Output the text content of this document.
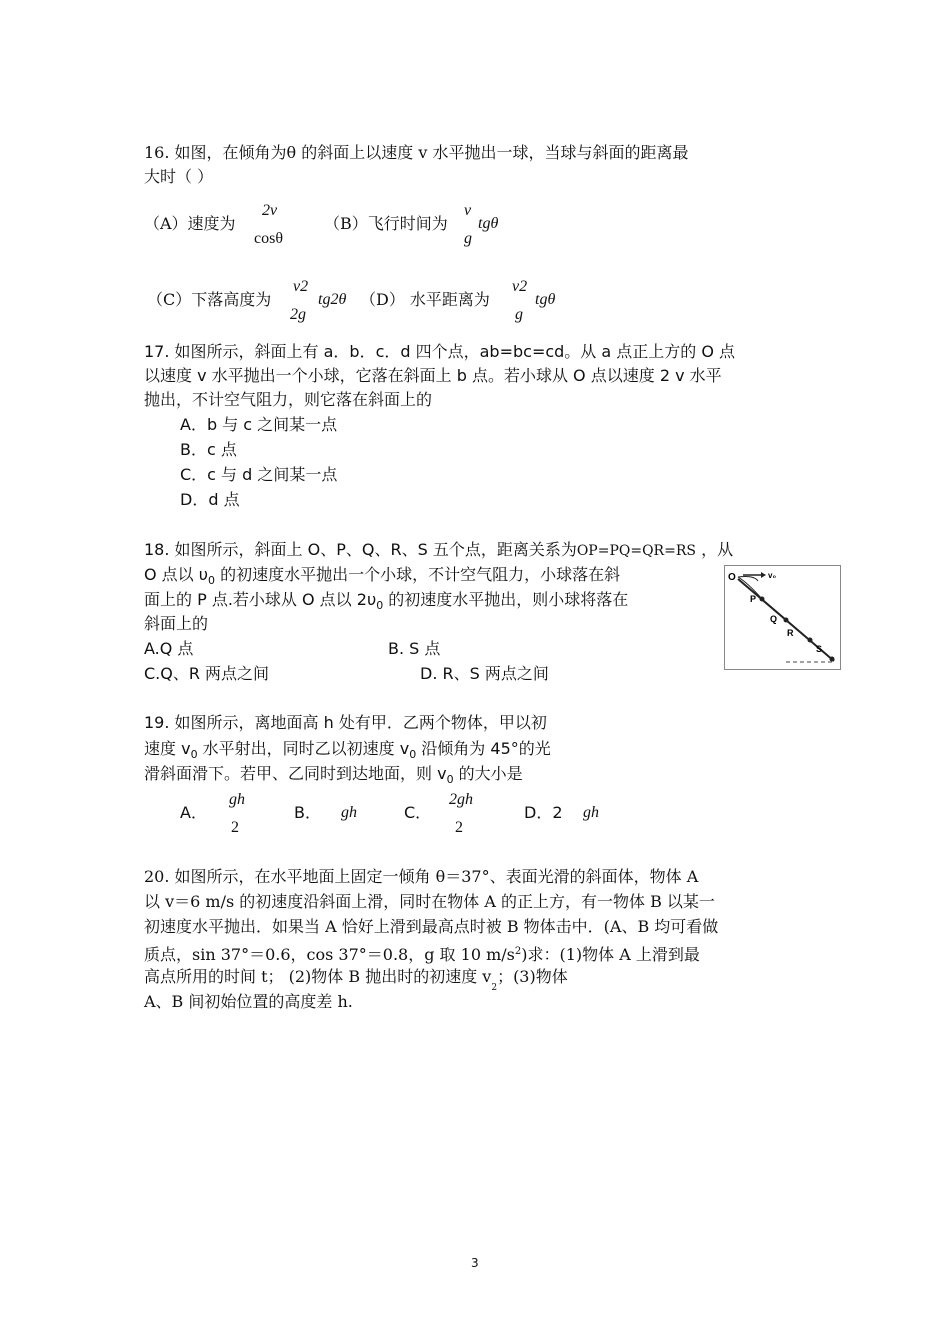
16. 如图，在倾角为θ 的斜面上以速度 v 水平抛出一球，当球与斜面的距离最
大时（ ）
（A）速度为
2v
cosθ
（B）飞行时间为
v
g
tgθ
（C）下落高度为
v2
2g
tg2θ （D） 水平距离为
v2
g
tgθ
17. 如图所示，斜面上有 a．b．c．d 四个点，ab=bc=cd。从 a 点正上方的 O 点
以速度 v 水平抛出一个小球，它落在斜面上 b 点。若小球从 O 点以速度 2 v 水平
抛出，不计空气阻力，则它落在斜面上的
A．b 与 c 之间某一点
B．c 点
C．c 与 d 之间某一点
D．d 点
18. 如图所示，斜面上 O、P、Q、R、S 五个点，距离关系为OP=PQ=QR=RS ，从
O 点以 $\upsilon_0$ 的初速度水平抛出一个小球，不计空气阻力，小球落在斜
面上的 P 点.若小球从 O 点以 $2\upsilon_0$ 的初速度水平抛出，则小球将落在
斜面上的
A.Q 点	B. S 点
C.Q、R 两点之间	D. R、S 两点之间
O	v₀
P
Q
R
S
19. 如图所示，离地面高 h 处有甲．乙两个物体，甲以初
速度 $v_0$ 水平射出，同时乙以初速度 $v_0$ 沿倾角为 45°的光
滑斜面滑下。若甲、乙同时到达地面，则 $v_0$ 的大小是
A．
gh
2
B． gh	C．
2gh
2
D．2 gh
20. 如图所示，在水平地面上固定一倾角 θ＝37°、表面光滑的斜面体，物体 A
以 v＝6 m/s 的初速度沿斜面上滑，同时在物体 A 的正上方，有一物体 B 以某一
初速度水平抛出．如果当 A 恰好上滑到最高点时被 B 物体击中．(A、B 均可看做
质点，sin 37°＝0.6，cos 37°＝0.8，g 取 10 $m/s^2$)求：(1)物体 A 上滑到最
高点所用的时间 t； (2)物体 B 抛出时的初速度 $v_2$；(3)物体
A、B 间初始位置的高度差 h.
3
